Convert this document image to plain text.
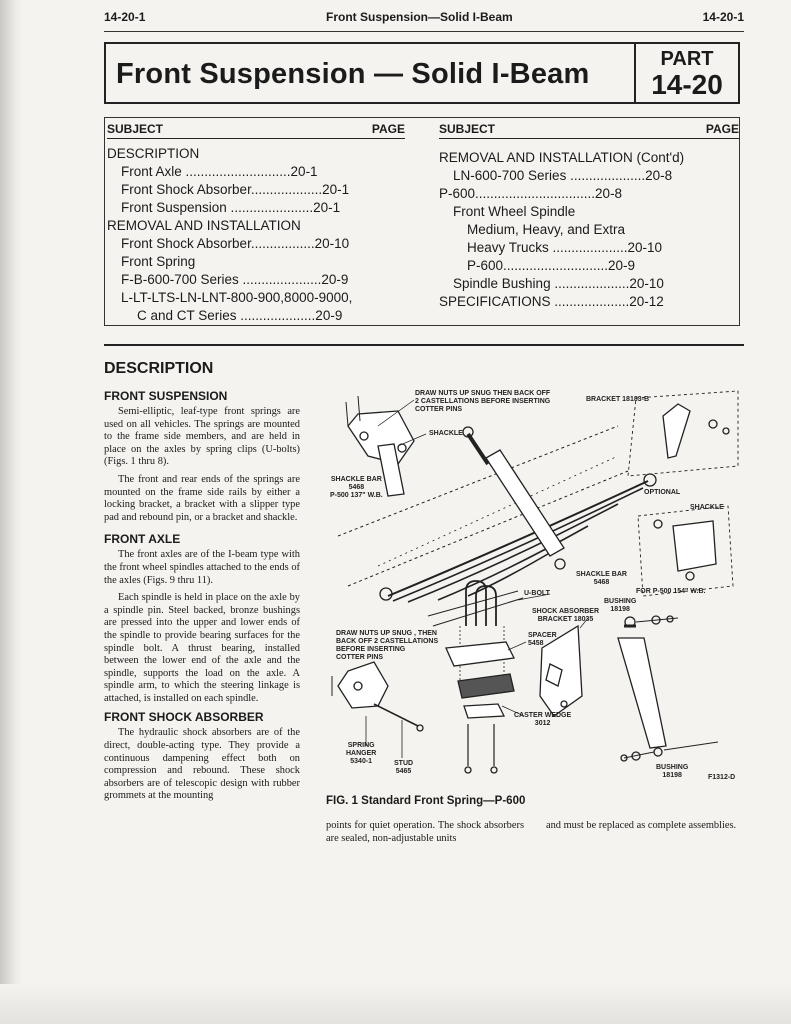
14-20-1	Front Suspension—Solid I-Beam	14-20-1
Front Suspension — Solid I-Beam	PART
14-20
SUBJECT	PAGE
DESCRIPTION
Front Axle ............................20-1
Front Shock Absorber...................20-1
Front Suspension ......................20-1
REMOVAL AND INSTALLATION
Front Shock Absorber.................20-10
Front Spring
F-B-600-700 Series .....................20-9
L-LT-LTS-LN-LNT-800-900,8000-9000,
C and CT Series ....................20-9
SUBJECT	PAGE
REMOVAL AND INSTALLATION (Cont'd)
LN-600-700 Series ....................20-8
P-600................................20-8
Front Wheel Spindle
Medium, Heavy, and Extra
Heavy Trucks ....................20-10
P-600............................20-9
Spindle Bushing ....................20-10
SPECIFICATIONS ....................20-12
DESCRIPTION
FRONT SUSPENSION

Semi-elliptic, leaf-type front springs are used on all vehicles. The springs are mounted to the frame side members, and are held in place on the axles by spring clips (U-bolts) (Figs. 1 thru 8).

The front and rear ends of the springs are mounted on the frame side rails by either a locking bracket, a bracket with a slipper type pad and rebound pin, or a bracket and shackle.

FRONT AXLE

The front axles are of the I-beam type with the front wheel spindles attached to the ends of the axles (Figs. 9 thru 11).

Each spindle is held in place on the axle by a spindle pin. Steel backed, bronze bushings are pressed into the upper and lower ends of the spindle to provide bearing surfaces for the spindle bolt. A thrust bearing, installed between the lower end of the axle and the spindle, supports the load on the axle. A spindle arm, to which the steering linkage is attached, is installed on each spindle.

FRONT SHOCK ABSORBER

The hydraulic shock absorbers are of the direct, double-acting type. They provide a continuous dampening effect both on compression and rebound. These shock absorbers are of telescopic design with rubber grommets at the mounting

DRAW NUTS UP SNUG THEN BACK OFF
2 CASTELLATIONS BEFORE INSERTING
COTTER PINS
BRACKET 18183-B
SHACKLE
SHACKLE BAR
5468
P-500 137" W.B.	OPTIONAL
SHACKLE
SHACKLE BAR
5468
FOR P-500 154" W.B.
U-BOLT
BUSHING
18198
SHOCK ABSORBER
BRACKET 18035
DRAW NUTS UP SNUG , THEN
BACK OFF 2 CASTELLATIONS
BEFORE INSERTING
COTTER PINS
SPACER
5458
CASTER WEDGE
3012
SPRING
HANGER
5340-1	STUD
5465
BUSHING
18198	F1312-D
FIG. 1 Standard Front Spring—P-600
points for quiet operation. The shock absorbers are sealed, non-adjustable units
and must be replaced as complete assemblies.
